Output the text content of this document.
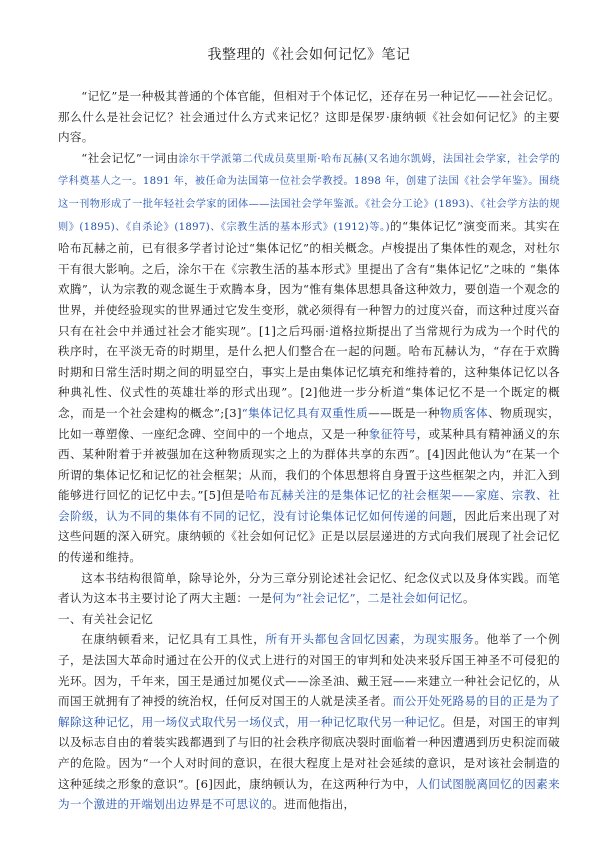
我整理的《社会如何记忆》笔记

“记忆”是一种极其普通的个体官能，但相对于个体记忆，还存在另一种记忆——社会记忆。那么什么是社会记忆？社会通过什么方式来记忆？这即是保罗·康纳顿《社会如何记忆》的主要内容。

“社会记忆”一词由涂尔干学派第二代成员莫里斯·哈布瓦赫(又名迪尔凯姆，法国社会学家，社会学的学科奠基人之一。1891 年，被任命为法国第一位社会学教授。1898 年，创建了法国《社会学年鉴》。围绕这一刊物形成了一批年轻社会学家的团体——法国社会学年鉴派。《社会分工论》(1893)、《社会学方法的规则》(1895)、《自杀论》(1897)、《宗教生活的基本形式》(1912)等。)的“集体记忆”演变而来。其实在哈布瓦赫之前，已有很多学者讨论过“集体记忆”的相关概念。卢梭提出了集体性的观念，对杜尔干有很大影响。之后，涂尔干在《宗教生活的基本形式》里提出了含有“集体记忆”之味的 “集体欢腾”，认为宗教的观念诞生于欢腾本身，因为“惟有集体思想具备这种效力，要创造一个观念的世界，并使经验现实的世界通过它发生变形，就必须得有一种智力的过度兴奋，而这种过度兴奋只有在社会中并通过社会才能实现”。[1]之后玛丽·道格拉斯提出了当常规行为成为一个时代的秩序时，在平淡无奇的时期里，是什么把人们整合在一起的问题。哈布瓦赫认为，“存在于欢腾时期和日常生活时期之间的明显空白，事实上是由集体记忆填充和维持着的，这种集体记忆以各种典礼性、仪式性的英雄壮举的形式出现”。[2]他进一步分析道“集体记忆不是一个既定的概念，而是一个社会建构的概念”;[3]“集体记忆具有双重性质——既是一种物质客体、物质现实，比如一尊塑像、一座纪念碑、空间中的一个地点，又是一种象征符号，或某种具有精神涵义的东西、某种附着于并被强加在这种物质现实之上的为群体共享的东西”。[4]因此他认为“在某一个所谓的集体记忆和记忆的社会框架；从而，我们的个体思想将自身置于这些框架之内，并汇入到能够进行回忆的记忆中去。”[5]但是哈布瓦赫关注的是集体记忆的社会框架——家庭、宗教、社会阶级，认为不同的集体有不同的记忆，没有讨论集体记忆如何传递的问题，因此后来出现了对这些问题的深入研究。康纳顿的《社会如何记忆》正是以层层递进的方式向我们展现了社会记忆的传递和维持。

这本书结构很简单，除导论外，分为三章分别论述社会记忆、纪念仪式以及身体实践。而笔者认为这本书主要讨论了两大主题：一是何为“社会记忆”，二是社会如何记忆。

一、有关社会记忆

在康纳顿看来，记忆具有工具性，所有开头都包含回忆因素，为现实服务。他举了一个例子，是法国大革命时通过在公开的仪式上进行的对国王的审判和处决来驳斥国王神圣不可侵犯的光环。因为，千年来，国王是通过加冕仪式——涂圣油、戴王冠——来建立一种社会记忆的，从而国王就拥有了神授的统治权，任何反对国王的人就是渎圣者。而公开处死路易的目的正是为了解除这种记忆，用一场仪式取代另一场仪式，用一种记忆取代另一种记忆。但是，对国王的审判以及标志自由的着装实践都遇到了与旧的社会秩序彻底决裂时面临着一种因遭遇到历史积淀而破产的危险。因为“一个人对时间的意识，在很大程度上是对社会延续的意识，是对该社会制造的这种延续之形象的意识”。[6]因此，康纳顿认为，在这两种行为中，人们试图脱离回忆的因素来为一个激进的开端划出边界是不可思议的。进而他指出，
